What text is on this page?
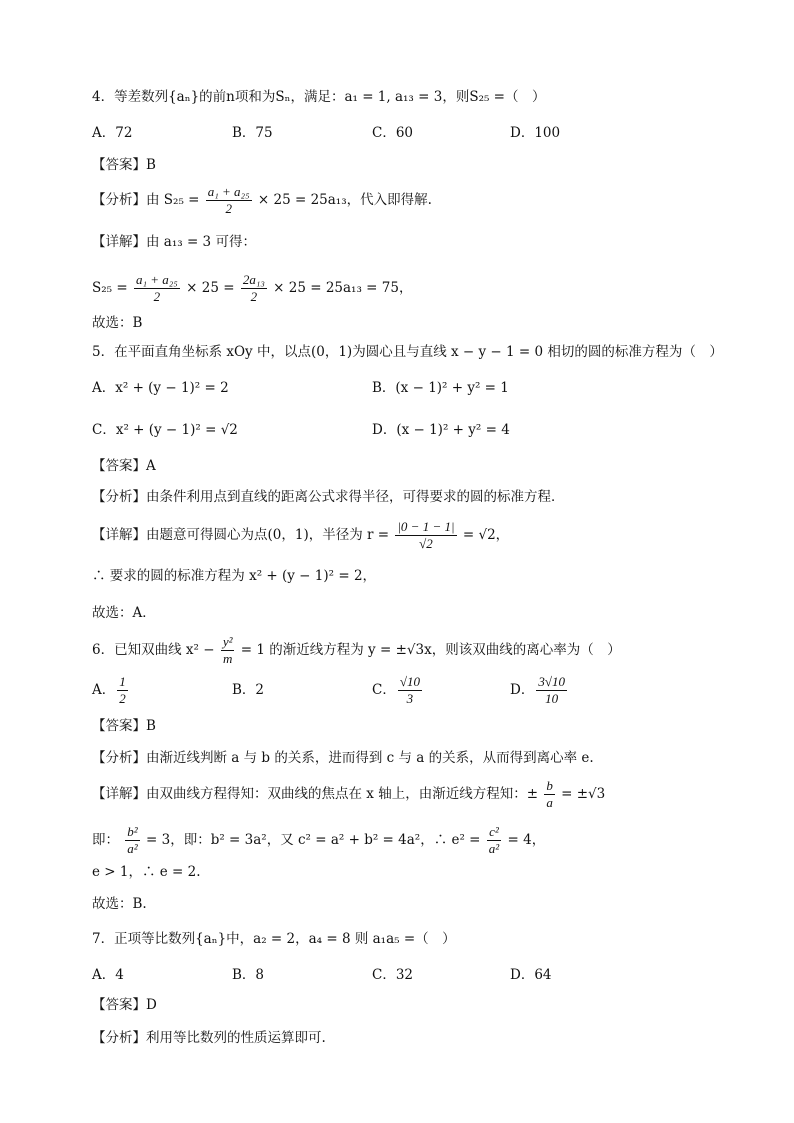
4．等差数列{aₙ}的前n项和为Sₙ，满足：a₁ = 1, a₁₃ = 3，则S₂₅ =（　）
A．72	B．75	C．60	D．100
【答案】B
【分析】由 $S_{25} = \frac{\text{a₁ + a₂₅}}{2} \times 25 = 25a_{13}$，代入即得解.
【详解】由 a₁₃ = 3 可得：
$S_{25} = \frac{\text{a₁ + a₂₅}}{2} \times 25 = \frac{\text{2a₁₃}}{2} \times 25 = 25a_{13} = 75$，
故选：B
5．在平面直角坐标系 xOy 中，以点(0，1)为圆心且与直线 x − y − 1 = 0 相切的圆的标准方程为（　）
A．x² + (y − 1)² = 2	B．(x − 1)² + y² = 1
C．x² + (y − 1)² = √2	D．(x − 1)² + y² = 4
【答案】A
【分析】由条件利用点到直线的距离公式求得半径，可得要求的圆的标准方程．
【详解】由题意可得圆心为点(0，1)，半径为 $r = \frac{|0 - 1 - 1|}{√2} = √2$，
∴ 要求的圆的标准方程为 x² + (y − 1)² = 2，
故选：A．
6．已知双曲线 $x^2 - \frac{\text{y²}}{m} = 1$ 的渐近线方程为 y = ±√3x，则该双曲线的离心率为（　）
A． $\frac{1}{2}$	B．2	C． $\frac{√10}{3}$	D． $\frac{3√10}{10}$
【答案】B
【分析】由渐近线判断 a 与 b 的关系，进而得到 c 与 a 的关系，从而得到离心率 e.
【详解】由双曲线方程得知：双曲线的焦点在 x 轴上，由渐近线方程知：± $\frac{b}{a} = \pm√3$
即： $\frac{\text{b²}}{\text{a²}} = 3$，即：b² = 3a²，又 c² = a² + b² = 4a²，∴ $e^2 = \frac{\text{c²}}{\text{a²}} = 4$，
e > 1，∴ e = 2.
故选：B.
7．正项等比数列{aₙ}中，a₂ = 2，a₄ = 8 则 a₁a₅ =（　）
A．4	B．8	C．32	D．64
【答案】D
【分析】利用等比数列的性质运算即可.
